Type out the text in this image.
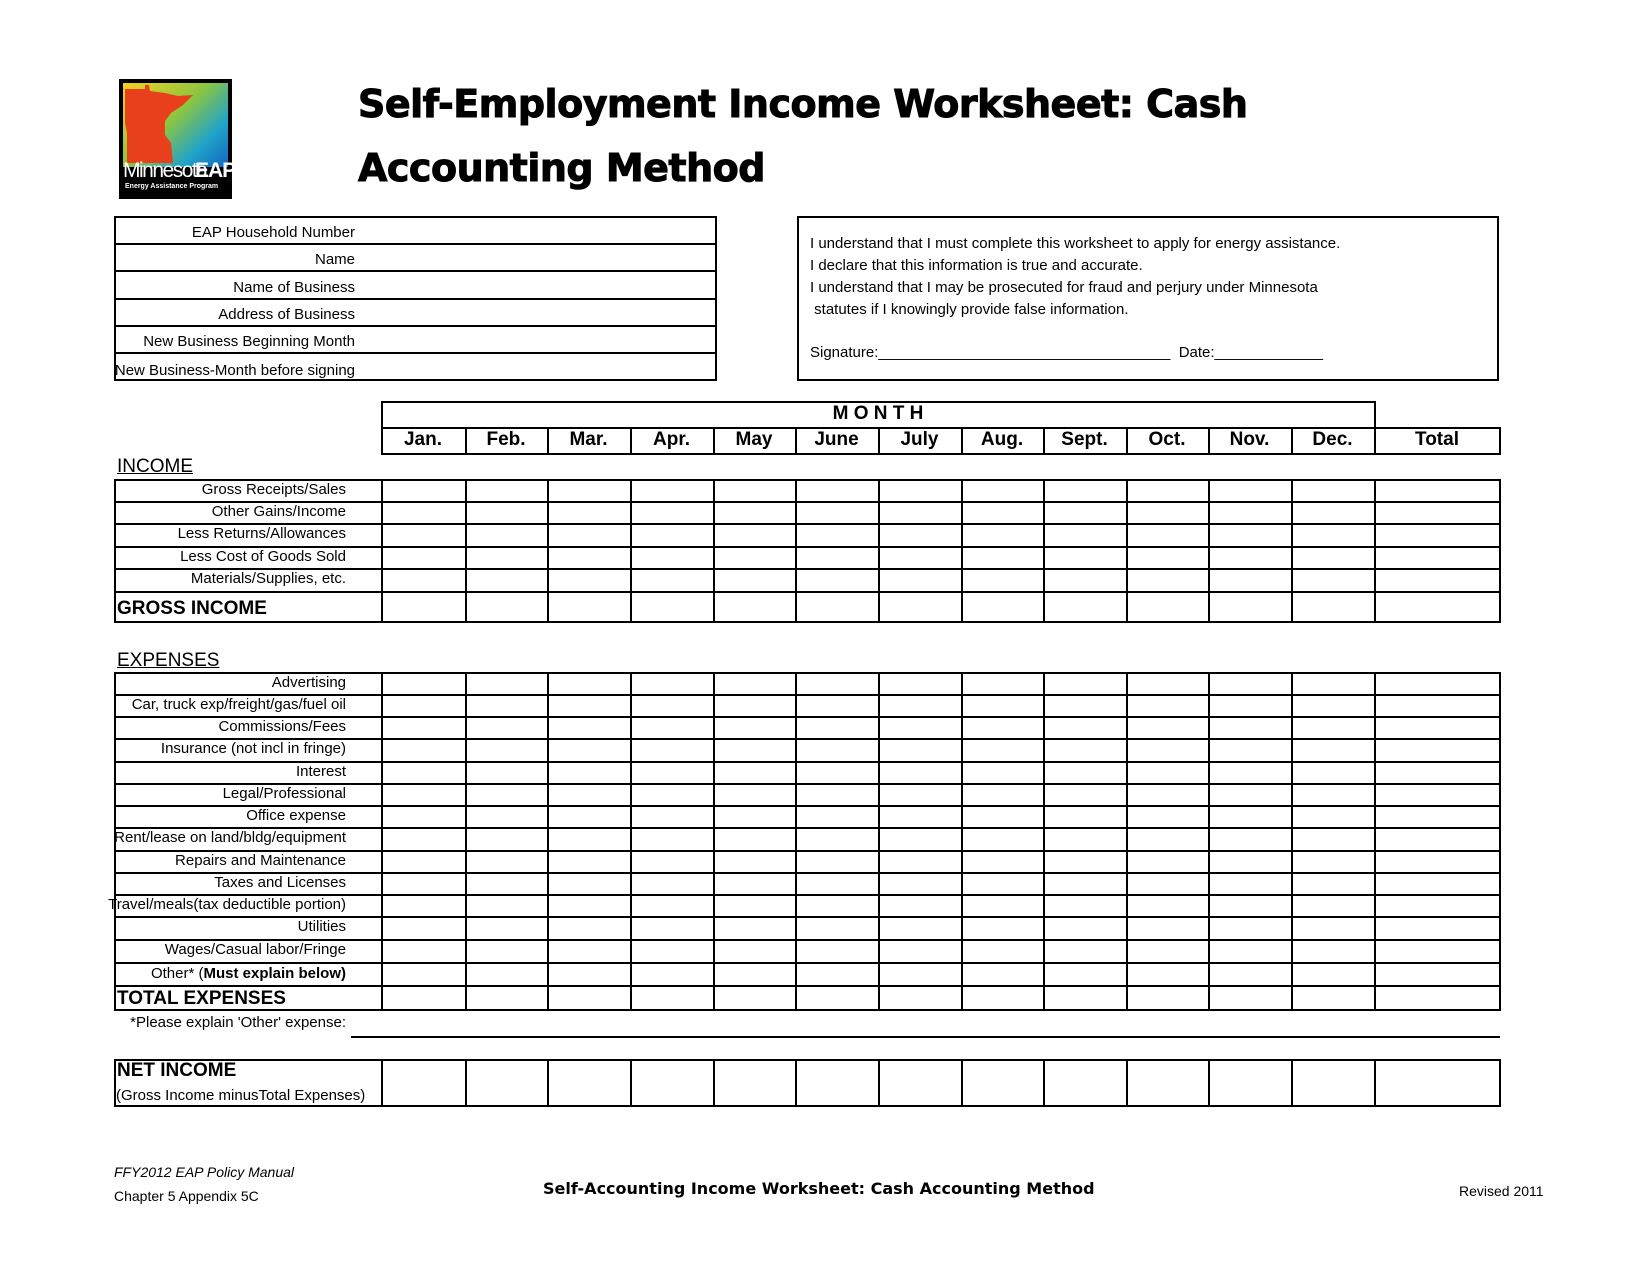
Minnesota
EAP
Energy Assistance Program
Self-Employment Income Worksheet: Cash
Accounting Method
EAP Household Number
Name
Name of Business
Address of Business
New Business Beginning Month
New Business-Month before signing
I understand that I must complete this worksheet to apply for energy assistance.
I declare that this information is true and accurate.
I understand that I may be prosecuted for fraud and perjury under Minnesota
statutes if I knowingly provide false information.
Signature:___________________________________  Date:_____________
M O N T H
Jan.	Feb.	Mar.	Apr.	May	June	July	Aug.	Sept.	Oct.	Nov.	Dec.	Total
INCOME
Gross Receipts/Sales
Other Gains/Income
Less Returns/Allowances
Less Cost of Goods Sold
Materials/Supplies, etc.
GROSS INCOME
EXPENSES
Advertising
Car, truck exp/freight/gas/fuel oil
Commissions/Fees
Insurance (not incl in fringe)
Interest
Legal/Professional
Office expense
Rent/lease on land/bldg/equipment
Repairs and Maintenance
Taxes and Licenses
Travel/meals(tax deductible portion)
Utilities
Wages/Casual labor/Fringe
Other* (Must explain below)
TOTAL EXPENSES
*Please explain 'Other' expense:
NET INCOME
(Gross Income minusTotal Expenses)
FFY2012 EAP Policy Manual
Chapter 5 Appendix 5C	Self-Accounting Income Worksheet: Cash Accounting Method	Revised 2011
